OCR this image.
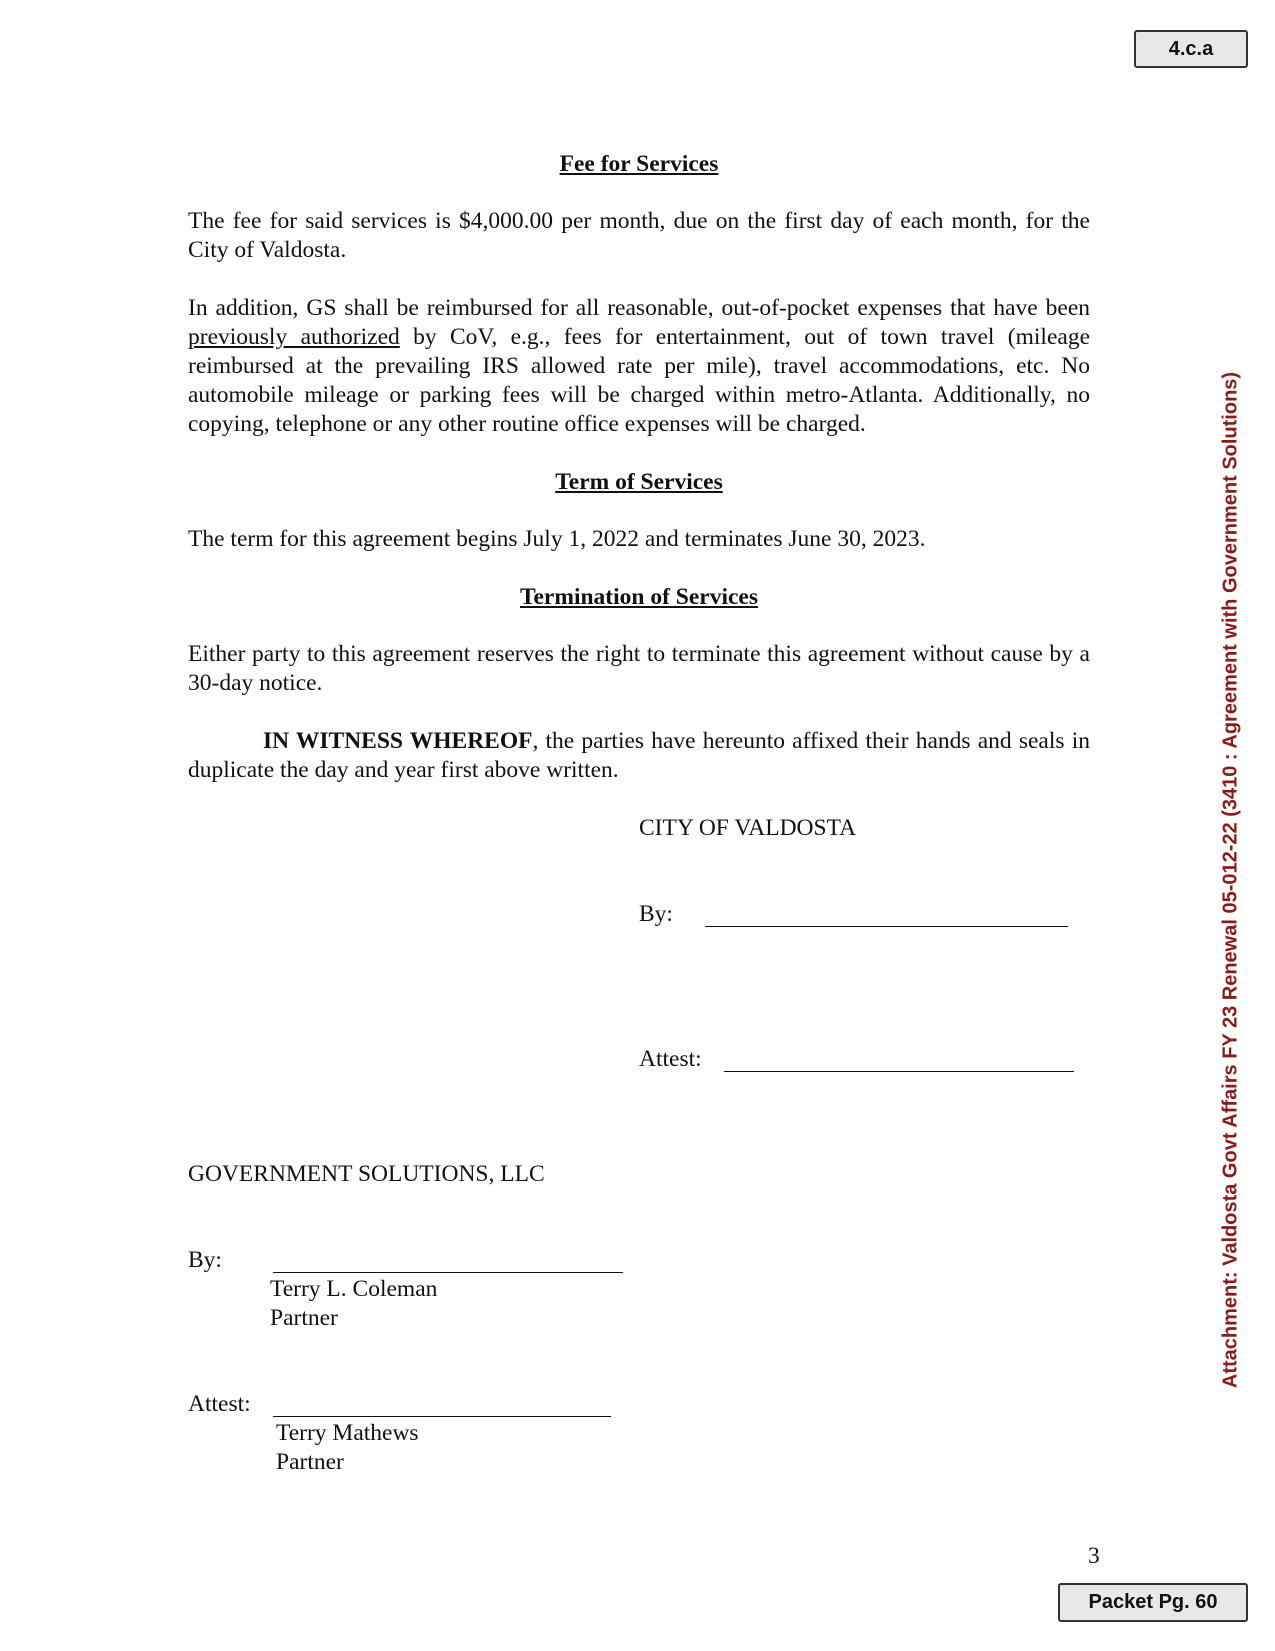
4.c.a
Attachment: Valdosta Govt Affairs FY 23 Renewal 05-012-22 (3410 : Agreement with Government Solutions)
Fee for Services
The fee for said services is $4,000.00 per month, due on the first day of each month, for the City of Valdosta.
In addition, GS shall be reimbursed for all reasonable, out-of-pocket expenses that have been previously authorized by CoV, e.g., fees for entertainment, out of town travel (mileage reimbursed at the prevailing IRS allowed rate per mile), travel accommodations, etc. No automobile mileage or parking fees will be charged within metro-Atlanta. Additionally, no copying, telephone or any other routine office expenses will be charged.
Term of Services
The term for this agreement begins July 1, 2022 and terminates June 30, 2023.
Termination of Services
Either party to this agreement reserves the right to terminate this agreement without cause by a 30-day notice.
IN WITNESS WHEREOF, the parties have hereunto affixed their hands and seals in duplicate the day and year first above written.
CITY OF VALDOSTA
By:
Attest:
GOVERNMENT SOLUTIONS, LLC
By:
Terry L. Coleman
Partner
Attest:
Terry Mathews
Partner
3
Packet Pg. 60
